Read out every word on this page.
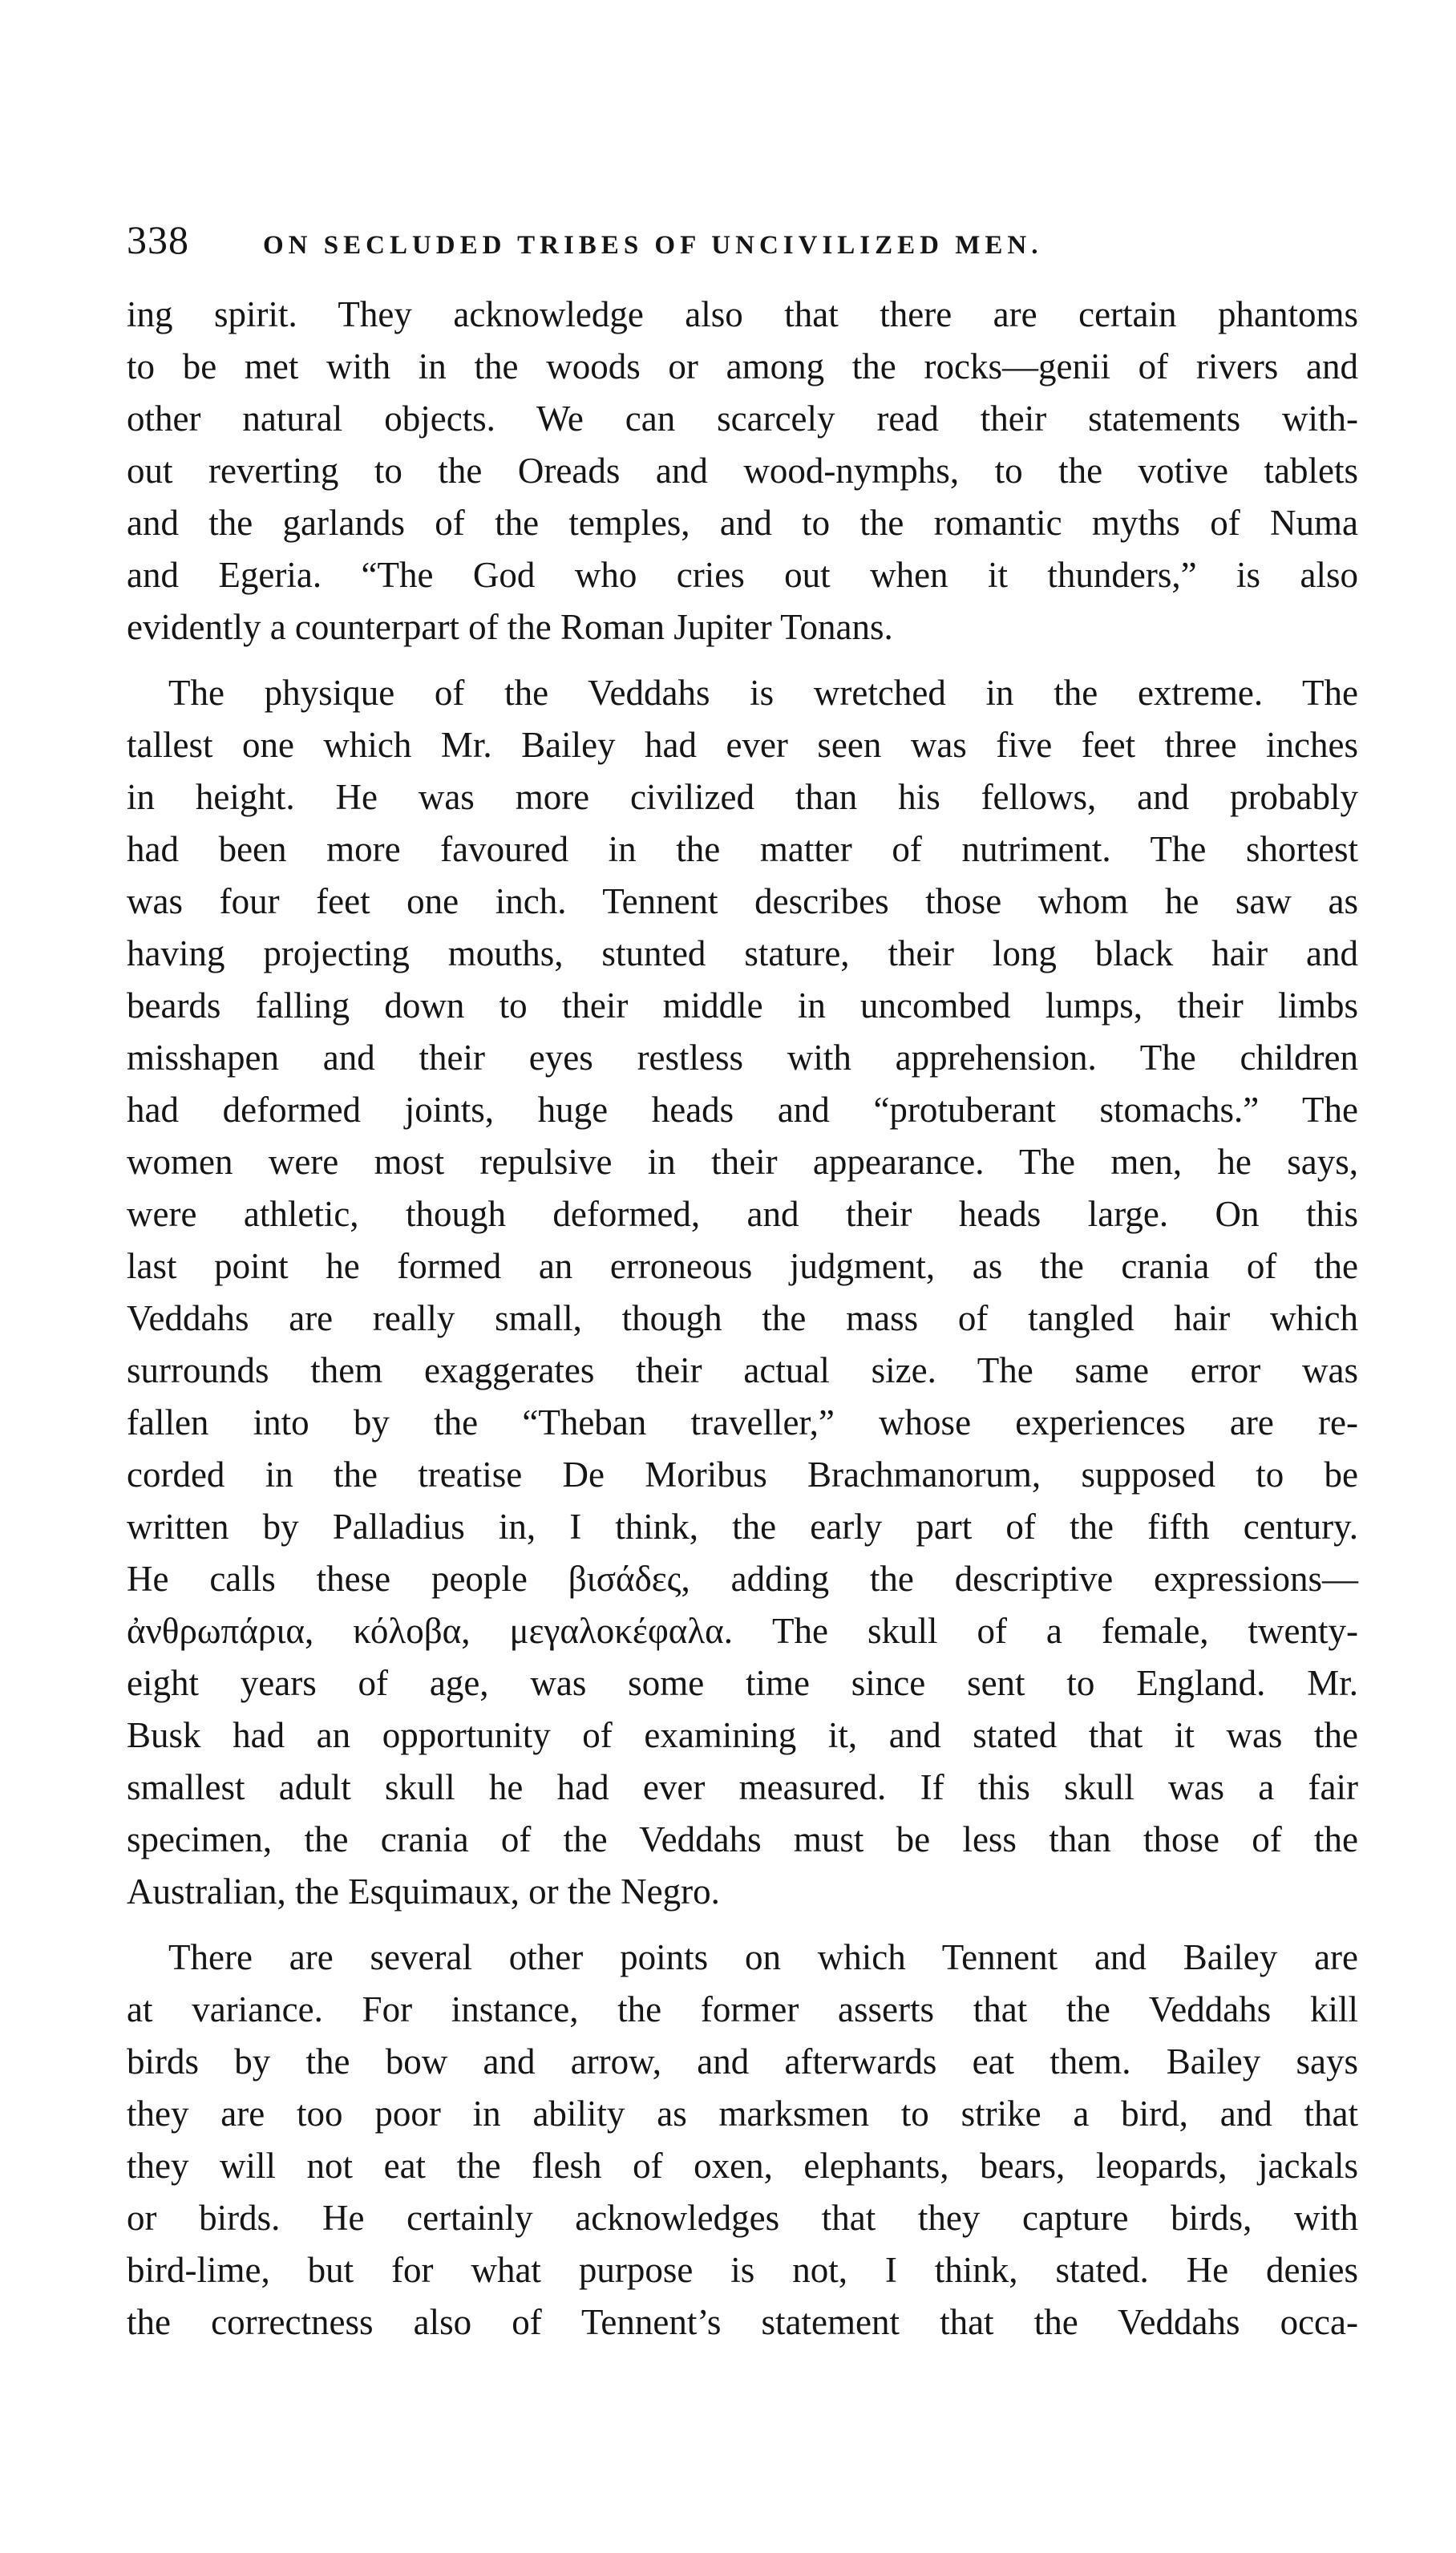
338	ON SECLUDED TRIBES OF UNCIVILIZED MEN.
ing spirit. They acknowledge also that there are certain phantoms
to be met with in the woods or among the rocks—genii of rivers and
other natural objects. We can scarcely read their statements with-
out reverting to the Oreads and wood-nymphs, to the votive tablets
and the garlands of the temples, and to the romantic myths of Numa
and Egeria. “The God who cries out when it thunders,” is also
evidently a counterpart of the Roman Jupiter Tonans.
The physique of the Veddahs is wretched in the extreme. The
tallest one which Mr. Bailey had ever seen was five feet three inches
in height. He was more civilized than his fellows, and probably
had been more favoured in the matter of nutriment. The shortest
was four feet one inch. Tennent describes those whom he saw as
having projecting mouths, stunted stature, their long black hair and
beards falling down to their middle in uncombed lumps, their limbs
misshapen and their eyes restless with apprehension. The children
had deformed joints, huge heads and “protuberant stomachs.” The
women were most repulsive in their appearance. The men, he says,
were athletic, though deformed, and their heads large. On this
last point he formed an erroneous judgment, as the crania of the
Veddahs are really small, though the mass of tangled hair which
surrounds them exaggerates their actual size. The same error was
fallen into by the “Theban traveller,” whose experiences are re-
corded in the treatise De Moribus Brachmanorum, supposed to be
written by Palladius in, I think, the early part of the fifth century.
He calls these people βισάδες, adding the descriptive expressions—
ἀνθρωπάρια, κόλοβα, μεγαλοκέφαλα. The skull of a female, twenty-
eight years of age, was some time since sent to England. Mr.
Busk had an opportunity of examining it, and stated that it was the
smallest adult skull he had ever measured. If this skull was a fair
specimen, the crania of the Veddahs must be less than those of the
Australian, the Esquimaux, or the Negro.
There are several other points on which Tennent and Bailey are
at variance. For instance, the former asserts that the Veddahs kill
birds by the bow and arrow, and afterwards eat them. Bailey says
they are too poor in ability as marksmen to strike a bird, and that
they will not eat the flesh of oxen, elephants, bears, leopards, jackals
or birds. He certainly acknowledges that they capture birds, with
bird-lime, but for what purpose is not, I think, stated. He denies
the correctness also of Tennent’s statement that the Veddahs occa-
